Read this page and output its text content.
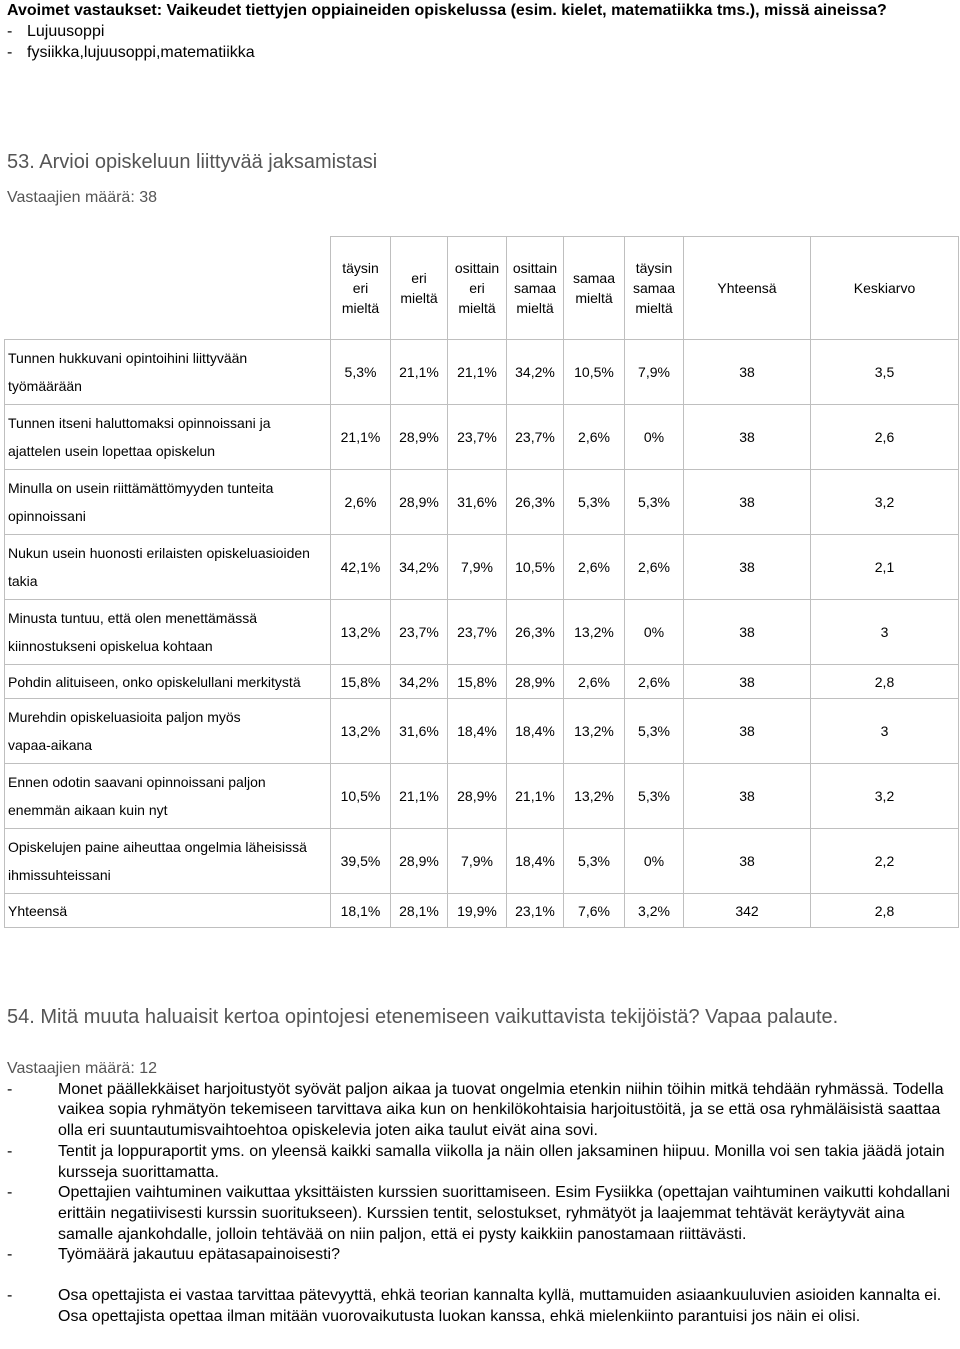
Avoimet vastaukset: Vaikeudet tiettyjen oppiaineiden opiskelussa (esim. kielet, matematiikka tms.), missä aineissa?
- Lujuusoppi
- fysiikka,lujuusoppi,matematiikka
53. Arvioi opiskeluun liittyvää jaksamistasi
Vastaajien määrä: 38
	täysin
eri
mieltä	eri
mieltä	osittain
eri
mieltä	osittain
samaa
mieltä	samaa
mieltä	täysin
samaa
mieltä	Yhteensä	Keskiarvo
Tunnen hukkuvani opintoihini liittyvään
työmäärään	5,3%	21,1%	21,1%	34,2%	10,5%	7,9%	38	3,5
Tunnen itseni haluttomaksi opinnoissani ja
ajattelen usein lopettaa opiskelun	21,1%	28,9%	23,7%	23,7%	2,6%	0%	38	2,6
Minulla on usein riittämättömyyden tunteita
opinnoissani	2,6%	28,9%	31,6%	26,3%	5,3%	5,3%	38	3,2
Nukun usein huonosti erilaisten opiskeluasioiden
takia	42,1%	34,2%	7,9%	10,5%	2,6%	2,6%	38	2,1
Minusta tuntuu, että olen menettämässä
kiinnostukseni opiskelua kohtaan	13,2%	23,7%	23,7%	26,3%	13,2%	0%	38	3
Pohdin alituiseen, onko opiskelullani merkitystä	15,8%	34,2%	15,8%	28,9%	2,6%	2,6%	38	2,8
Murehdin opiskeluasioita paljon myös
vapaa-aikana	13,2%	31,6%	18,4%	18,4%	13,2%	5,3%	38	3
Ennen odotin saavani opinnoissani paljon
enemmän aikaan kuin nyt	10,5%	21,1%	28,9%	21,1%	13,2%	5,3%	38	3,2
Opiskelujen paine aiheuttaa ongelmia läheisissä
ihmissuhteissani	39,5%	28,9%	7,9%	18,4%	5,3%	0%	38	2,2
Yhteensä	18,1%	28,1%	19,9%	23,1%	7,6%	3,2%	342	2,8
54. Mitä muuta haluaisit kertoa opintojesi etenemiseen vaikuttavista tekijöistä? Vapaa palaute.
Vastaajien määrä: 12
-	Monet päällekkäiset harjoitustyöt syövät paljon aikaa ja tuovat ongelmia etenkin niihin töihin mitkä tehdään ryhmässä. Todella vaikea sopia ryhmätyön tekemiseen tarvittava aika kun on henkilökohtaisia harjoitustöitä, ja se että osa ryhmäläisistä saattaa olla eri suuntautumisvaihtoehtoa opiskelevia joten aika taulut eivät aina sovi.
-	Tentit ja loppuraportit yms. on yleensä kaikki samalla viikolla ja näin ollen jaksaminen hiipuu. Monilla voi sen takia jäädä jotain kursseja suorittamatta.
-	Opettajien vaihtuminen vaikuttaa yksittäisten kurssien suorittamiseen. Esim Fysiikka (opettajan vaihtuminen vaikutti kohdallani erittäin negatiivisesti kurssin suoritukseen). Kurssien tentit, selostukset, ryhmätyöt ja laajemmat tehtävät keräytyvät aina samalle ajankohdalle, jolloin tehtävää on niin paljon, että ei pysty kaikkiin panostamaan riittävästi.
-	Työmäärä jakautuu epätasapainoisesti?
-	Osa opettajista ei vastaa tarvittaa pätevyyttä, ehkä teorian kannalta kyllä, muttamuiden asiaankuuluvien asioiden kannalta ei. Osa opettajista opettaa ilman mitään vuorovaikutusta luokan kanssa, ehkä mielenkiinto parantuisi jos näin ei olisi.
